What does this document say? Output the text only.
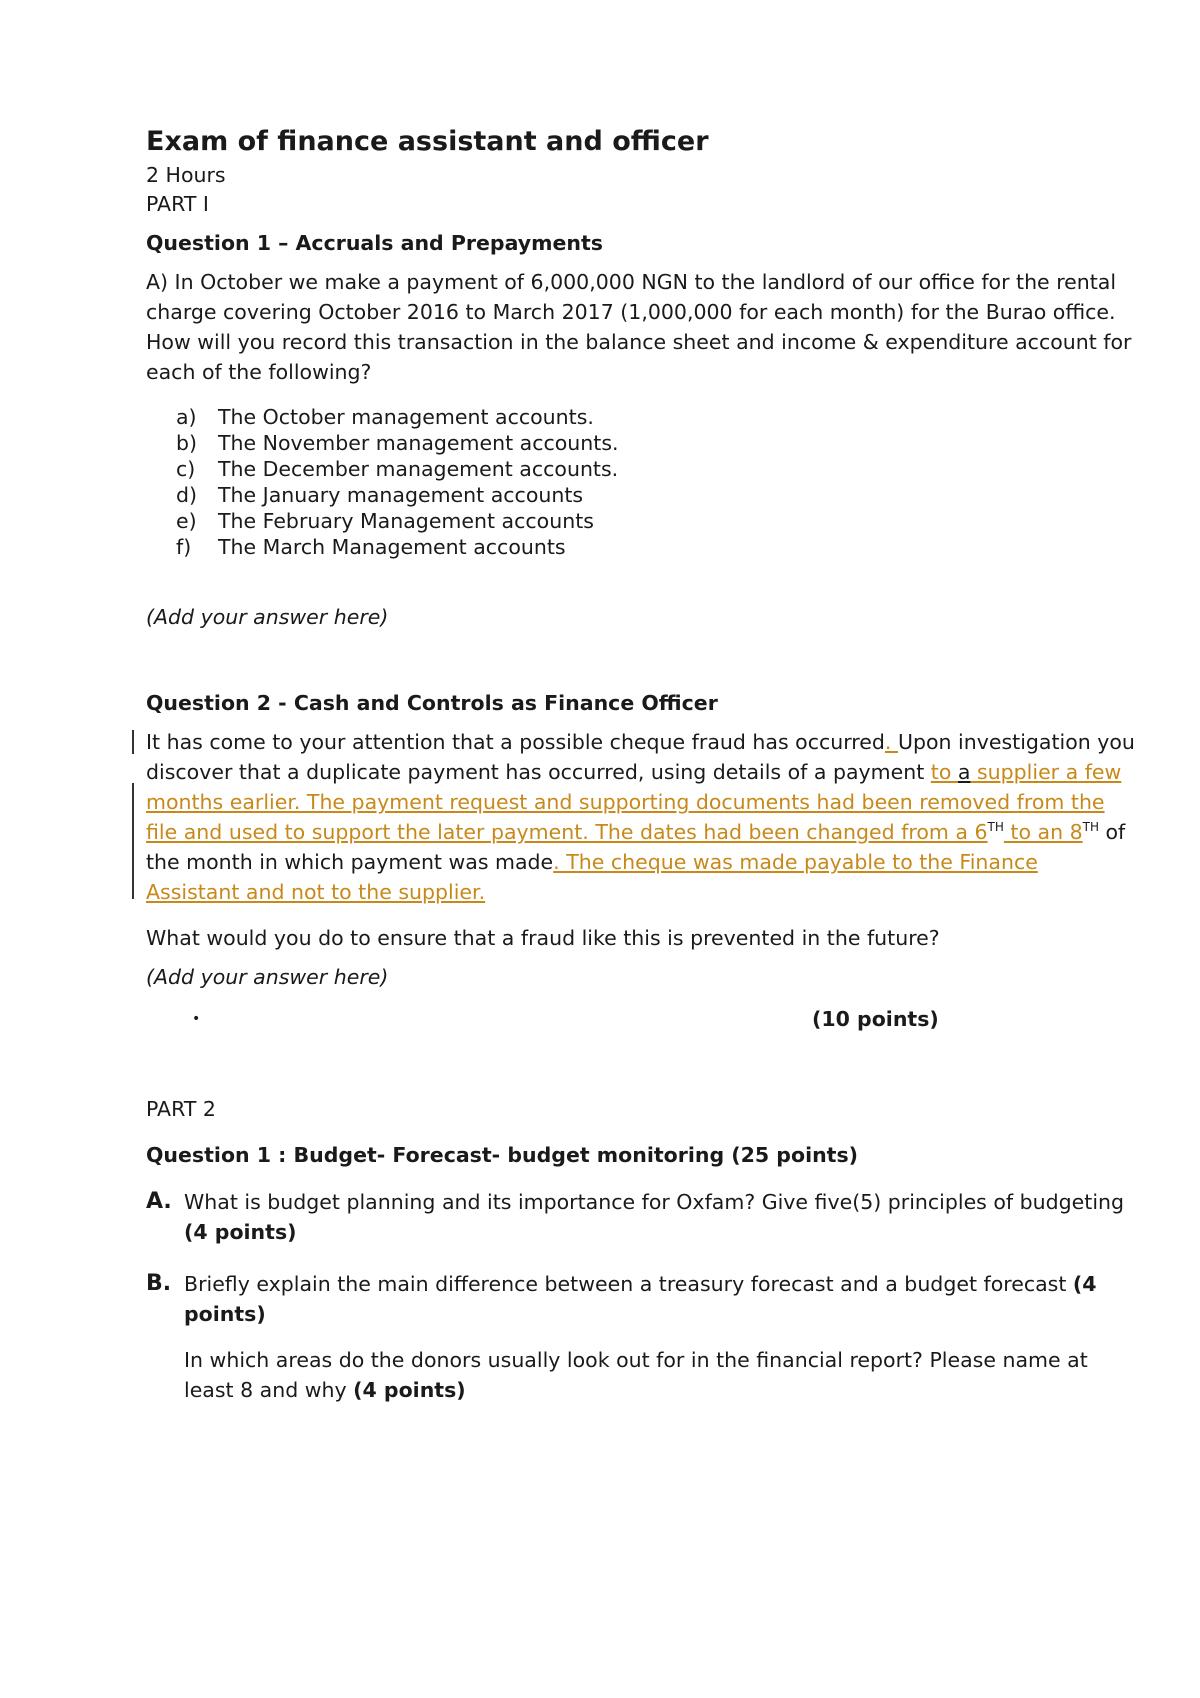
Exam of finance assistant and officer

2 Hours

PART I

Question 1 – Accruals and Prepayments

A) In October we make a payment of 6,000,000 NGN to the landlord of our office for the rental charge covering October 2016 to March 2017 (1,000,000 for each month) for the Burao office. How will you record this transaction in the balance sheet and income & expenditure account for each of the following?

a)	The October management accounts.
b)	The November management accounts.
c)	The December management accounts.
d)	The January management accounts
e)	The February Management accounts
f)	The March Management accounts

(Add your answer here)

Question 2 - Cash and Controls as Finance Officer

It has come to your attention that a possible cheque fraud has occurred. Upon investigation you discover that a duplicate payment has occurred, using details of a payment to a supplier a few months earlier. The payment request and supporting documents had been removed from the file and used to support the later payment. The dates had been changed from a 6TH to an 8TH of the month in which payment was made. The cheque was made payable to the Finance Assistant and not to the supplier.

What would you do to ensure that a fraud like this is prevented in the future?

(Add your answer here)

•	(10 points)

PART 2

Question 1 : Budget- Forecast- budget monitoring (25 points)

A. What is budget planning and its importance for Oxfam? Give five(5) principles of budgeting (4 points)
B. Briefly explain the main difference between a treasury forecast and a budget forecast (4 points)
In which areas do the donors usually look out for in the financial report? Please name at least 8 and why (4 points)
